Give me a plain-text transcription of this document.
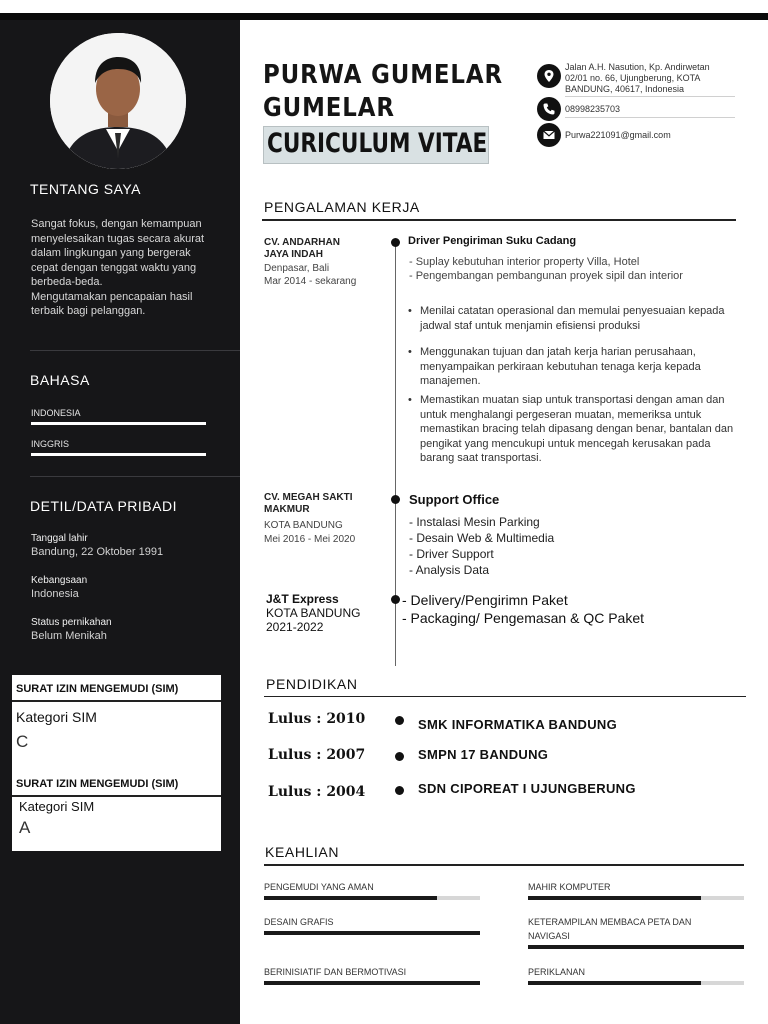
TENTANG SAYA
Sangat fokus, dengan kemampuan
menyelesaikan tugas secara akurat
dalam lingkungan yang bergerak
cepat dengan tenggat waktu yang
berbeda-beda.
Mengutamakan pencapaian hasil
terbaik bagi pelanggan.
BAHASA
INDONESIA
INGGRIS
DETIL/DATA PRIBADI
Tanggal lahir
Bandung, 22 Oktober 1991
Kebangsaan
Indonesia
Status pernikahan
Belum Menikah
SURAT IZIN MENGEMUDI (SIM)
Kategori SIM
C
SURAT IZIN MENGEMUDI (SIM)
Kategori SIM
A
PURWA GUMELAR
GUMELAR
CURICULUM VITAE
Jalan A.H. Nasution, Kp. Andirwetan
02/01 no. 66, Ujungberung, KOTA
BANDUNG, 40617, Indonesia
08998235703
Purwa221091@gmail.com
PENGALAMAN KERJA
CV. ANDARHAN
JAYA INDAH
Denpasar, Bali
Mar 2014 - sekarang
Driver Pengiriman Suku Cadang
- Suplay kebutuhan interior property Villa, Hotel
- Pengembangan pembangunan proyek sipil dan interior
• Menilai catatan operasional dan memulai penyesuaian kepada jadwal staf untuk menjamin efisiensi produksi
• Menggunakan tujuan dan jatah kerja harian perusahaan, menyampaikan perkiraan kebutuhan tenaga kerja kepada manajemen.
• Memastikan muatan siap untuk transportasi dengan aman dan untuk menghalangi pergeseran muatan, memeriksa untuk memastikan bracing telah dipasang dengan benar, bantalan dan pengikat yang mencukupi untuk mencegah kerusakan pada barang saat transportasi.
CV. MEGAH SAKTI
MAKMUR
KOTA BANDUNG
Mei 2016 - Mei 2020
Support Office
- Instalasi Mesin Parking
- Desain Web & Multimedia
- Driver Support
- Analysis Data
J&T Express
KOTA BANDUNG
2021-2022
- Delivery/Pengirimn Paket
- Packaging/ Pengemasan & QC Paket
PENDIDIKAN
Lulus : 2010	SMK INFORMATIKA BANDUNG
Lulus : 2007	SMPN 17 BANDUNG
Lulus : 2004	SDN CIPOREAT I UJUNGBERUNG
KEAHLIAN
PENGEMUDI YANG AMAN	MAHIR KOMPUTER
DESAIN GRAFIS	KETERAMPILAN MEMBACA PETA DAN NAVIGASI
BERINISIATIF DAN BERMOTIVASI	PERIKLANAN
